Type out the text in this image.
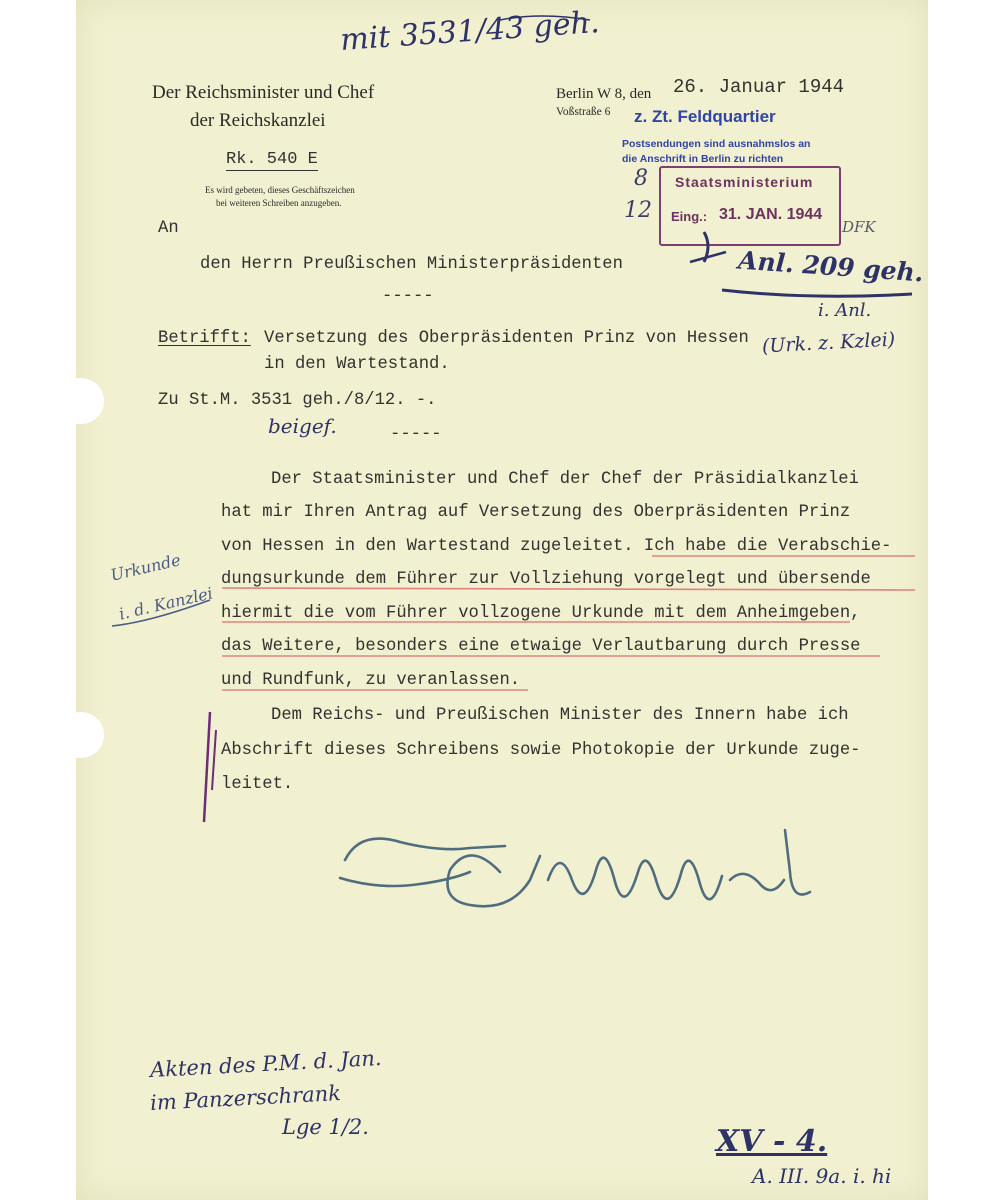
Der Reichsminister und Chef
der Reichskanzlei
Rk. 540 E
Es wird gebeten, dieses Geschäftszeichen
bei weiteren Schreiben anzugeben.
Berlin W 8, den
Voßstraße 6
26. Januar 1944
z. Zt. Feldquartier
Postsendungen sind ausnahmslos an
die Anschrift in Berlin zu richten
Staatsministerium
Eing.: 31. JAN. 1944
An
den Herrn Preußischen Ministerpräsidenten
-----
Betrifft: Versetzung des Oberpräsidenten Prinz von Hessen
in den Wartestand.
Zu St.M. 3531 geh./8/12. -.
-----
Der Staatsminister und Chef der Chef der Präsidialkanzlei
hat mir Ihren Antrag auf Versetzung des Oberpräsidenten Prinz
von Hessen in den Wartestand zugeleitet. Ich habe die Verabschie-
dungsurkunde dem Führer zur Vollziehung vorgelegt und übersende
hiermit die vom Führer vollzogene Urkunde mit dem Anheimgeben,
das Weitere, besonders eine etwaige Verlautbarung durch Presse
und Rundfunk, zu veranlassen.
Dem Reichs- und Preußischen Minister des Innern habe ich
Abschrift dieses Schreibens sowie Photokopie der Urkunde zuge-
leitet.
mit 3531/43 geh.
8
12
DFK
Anl. 209 geh.
i. Anl.
(Urk. z. Kzlei)
beigef.
Urkunde
i. d. Kanzlei
Akten des P.M. d. Jan.
im Panzerschrank
Lge 1/2.	XV - 4.
A. III. 9a. i. hi
